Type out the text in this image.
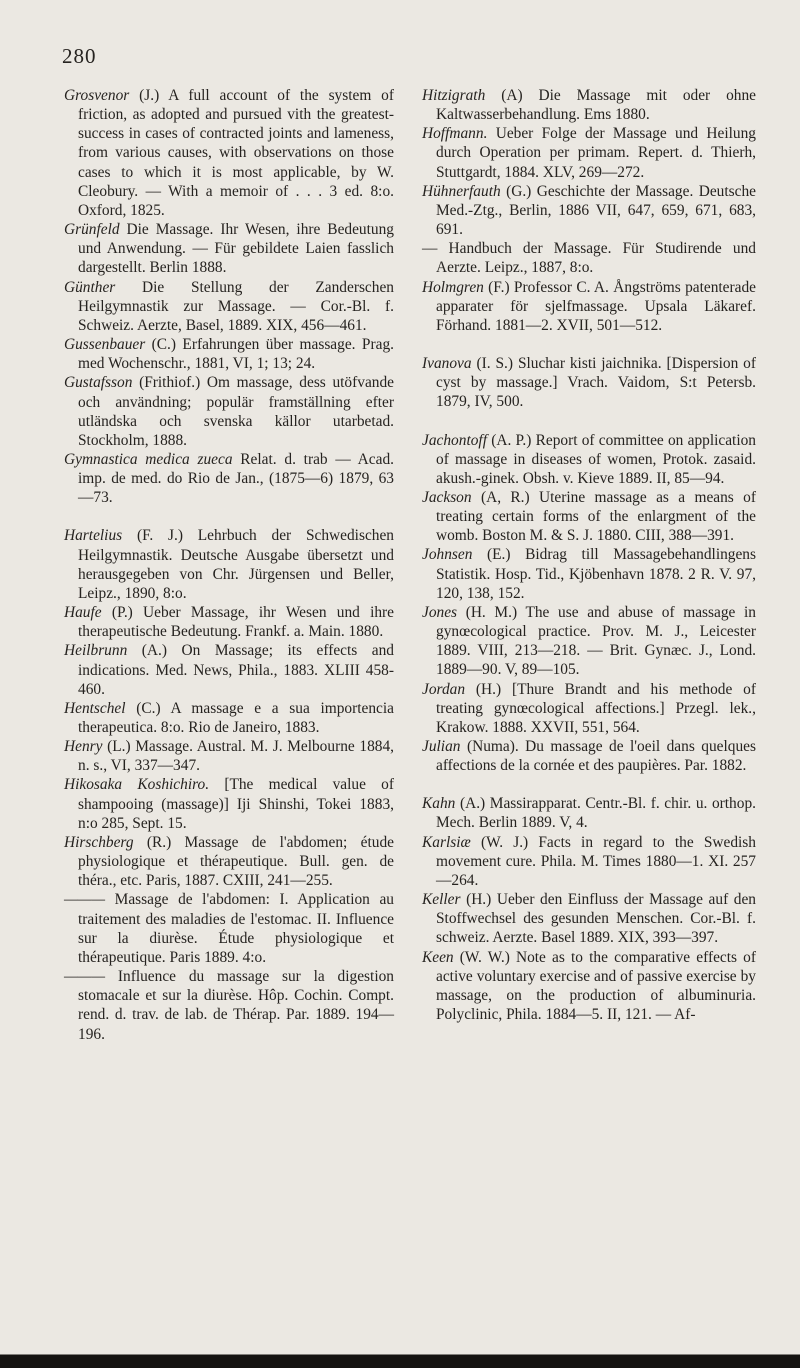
280

Grosvenor (J.) A full account of the system of friction, as adopted and pursued vith the greatest-success in cases of contracted joints and lameness, from various causes, with observations on those cases to which it is most applicable, by W. Cleobury. — With a memoir of . . . 3 ed. 8:o. Oxford, 1825.

Grünfeld Die Massage. Ihr Wesen, ihre Bedeutung und Anwendung. — Für gebildete Laien fasslich dargestellt. Berlin 1888.

Günther Die Stellung der Zanderschen Heilgymnastik zur Massage. — Cor.-Bl. f. Schweiz. Aerzte, Basel, 1889. XIX, 456—461.

Gussenbauer (C.) Erfahrungen über massage. Prag. med Wochenschr., 1881, VI, 1; 13; 24.

Gustafsson (Frithiof.) Om massage, dess utöfvande och användning; populär framställning efter utländska och svenska källor utarbetad. Stockholm, 1888.

Gymnastica medica zueca Relat. d. trab — Acad. imp. de med. do Rio de Jan., (1875—6) 1879, 63—73.

Hartelius (F. J.) Lehrbuch der Schwedischen Heilgymnastik. Deutsche Ausgabe übersetzt und herausgegeben von Chr. Jürgensen und Beller, Leipz., 1890, 8:o.

Haufe (P.) Ueber Massage, ihr Wesen und ihre therapeutische Bedeutung. Frankf. a. Main. 1880.

Heilbrunn (A.) On Massage; its effects and indications. Med. News, Phila., 1883. XLIII 458-460.

Hentschel (C.) A massage e a sua importencia therapeutica. 8:o. Rio de Janeiro, 1883.

Henry (L.) Massage. Austral. M. J. Melbourne 1884, n. s., VI, 337—347.

Hikosaka Koshichiro. [The medical value of shampooing (massage)] Iji Shinshi, Tokei 1883, n:o 285, Sept. 15.

Hirschberg (R.) Massage de l'abdomen; étude physiologique et thérapeutique. Bull. gen. de théra., etc. Paris, 1887. CXIII, 241—255.

——— Massage de l'abdomen: I. Application au traitement des maladies de l'estomac. II. Influence sur la diurèse. Étude physiologique et thérapeutique. Paris 1889. 4:o.

——— Influence du massage sur la digestion stomacale et sur la diurèse. Hôp. Cochin. Compt. rend. d. trav. de lab. de Thérap. Par. 1889. 194—196.

Hitzigrath (A) Die Massage mit oder ohne Kaltwasserbehandlung. Ems 1880.

Hoffmann. Ueber Folge der Massage und Heilung durch Operation per primam. Repert. d. Thierh, Stuttgardt, 1884. XLV, 269—272.

Hühnerfauth (G.) Geschichte der Massage. Deutsche Med.-Ztg., Berlin, 1886 VII, 647, 659, 671, 683, 691.

— Handbuch der Massage. Für Studirende und Aerzte. Leipz., 1887, 8:o.

Holmgren (F.) Professor C. A. Ångströms patenterade apparater för sjelfmassage. Upsala Läkaref. Förhand. 1881—2. XVII, 501—512.

Ivanova (I. S.) Sluchar kisti jaichnika. [Dispersion of cyst by massage.] Vrach. Vaidom, S:t Petersb. 1879, IV, 500.

Jachontoff (A. P.) Report of committee on application of massage in diseases of women, Protok. zasaid. akush.-ginek. Obsh. v. Kieve 1889. II, 85—94.

Jackson (A, R.) Uterine massage as a means of treating certain forms of the enlargment of the womb. Boston M. & S. J. 1880. CIII, 388—391.

Johnsen (E.) Bidrag till Massagebehandlingens Statistik. Hosp. Tid., Kjöbenhavn 1878. 2 R. V. 97, 120, 138, 152.

Jones (H. M.) The use and abuse of massage in gynœcological practice. Prov. M. J., Leicester 1889. VIII, 213—218. — Brit. Gynæc. J., Lond. 1889—90. V, 89—105.

Jordan (H.) [Thure Brandt and his methode of treating gynœcological affections.] Przegl. lek., Krakow. 1888. XXVII, 551, 564.

Julian (Numa). Du massage de l'oeil dans quelques affections de la cornée et des paupières. Par. 1882.

Kahn (A.) Massirapparat. Centr.-Bl. f. chir. u. orthop. Mech. Berlin 1889. V, 4.

Karlsiæ (W. J.) Facts in regard to the Swedish movement cure. Phila. M. Times 1880—1. XI. 257—264.

Keller (H.) Ueber den Einfluss der Massage auf den Stoffwechsel des gesunden Menschen. Cor.-Bl. f. schweiz. Aerzte. Basel 1889. XIX, 393—397.

Keen (W. W.) Note as to the comparative effects of active voluntary exercise and of passive exercise by massage, on the production of albuminuria. Polyclinic, Phila. 1884—5. II, 121. — Af-
